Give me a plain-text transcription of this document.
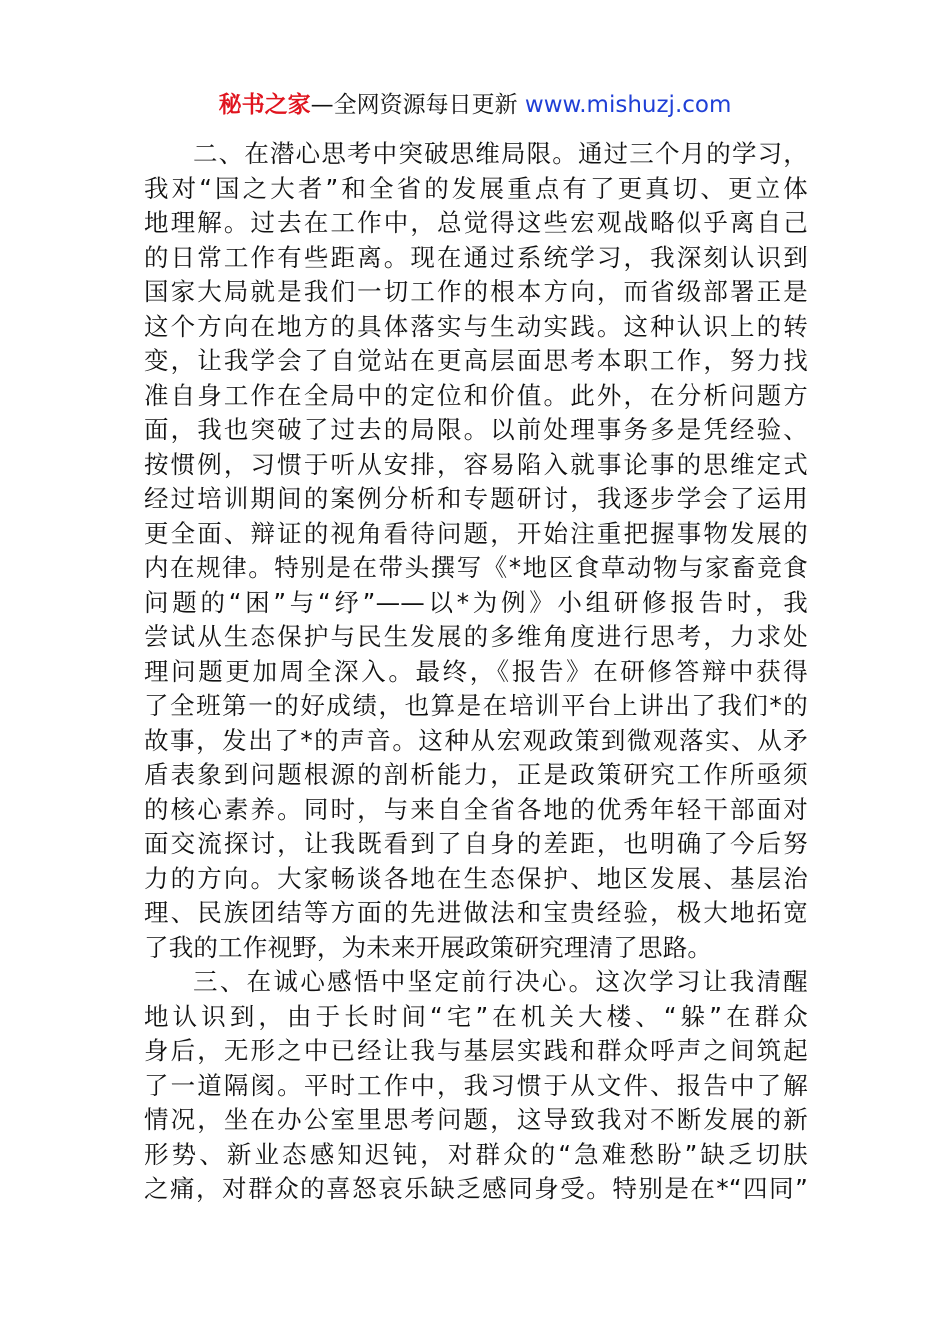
秘书之家—全网资源每日更新 www.mishuzj.com
二、在潜心思考中突破思维局限。通过三个月的学习，
我对“国之大者”和全省的发展重点有了更真切、更立体
地理解。过去在工作中，总觉得这些宏观战略似乎离自己
的日常工作有些距离。现在通过系统学习，我深刻认识到
国家大局就是我们一切工作的根本方向，而省级部署正是
这个方向在地方的具体落实与生动实践。这种认识上的转
变，让我学会了自觉站在更高层面思考本职工作，努力找
准自身工作在全局中的定位和价值。此外，在分析问题方
面，我也突破了过去的局限。以前处理事务多是凭经验、
按惯例，习惯于听从安排，容易陷入就事论事的思维定式
经过培训期间的案例分析和专题研讨，我逐步学会了运用
更全面、辩证的视角看待问题，开始注重把握事物发展的
内在规律。特别是在带头撰写《*地区食草动物与家畜竞食
问题的“困”与“纾”——以*为例》小组研修报告时，我
尝试从生态保护与民生发展的多维角度进行思考，力求处
理问题更加周全深入。最终，《报告》在研修答辩中获得
了全班第一的好成绩，也算是在培训平台上讲出了我们*的
故事，发出了*的声音。这种从宏观政策到微观落实、从矛
盾表象到问题根源的剖析能力，正是政策研究工作所亟须
的核心素养。同时，与来自全省各地的优秀年轻干部面对
面交流探讨，让我既看到了自身的差距，也明确了今后努
力的方向。大家畅谈各地在生态保护、地区发展、基层治
理、民族团结等方面的先进做法和宝贵经验，极大地拓宽
了我的工作视野，为未来开展政策研究理清了思路。
三、在诚心感悟中坚定前行决心。这次学习让我清醒
地认识到，由于长时间“宅”在机关大楼、“躲”在群众
身后，无形之中已经让我与基层实践和群众呼声之间筑起
了一道隔阂。平时工作中，我习惯于从文件、报告中了解
情况，坐在办公室里思考问题，这导致我对不断发展的新
形势、新业态感知迟钝，对群众的“急难愁盼”缺乏切肤
之痛，对群众的喜怒哀乐缺乏感同身受。特别是在*“四同”
